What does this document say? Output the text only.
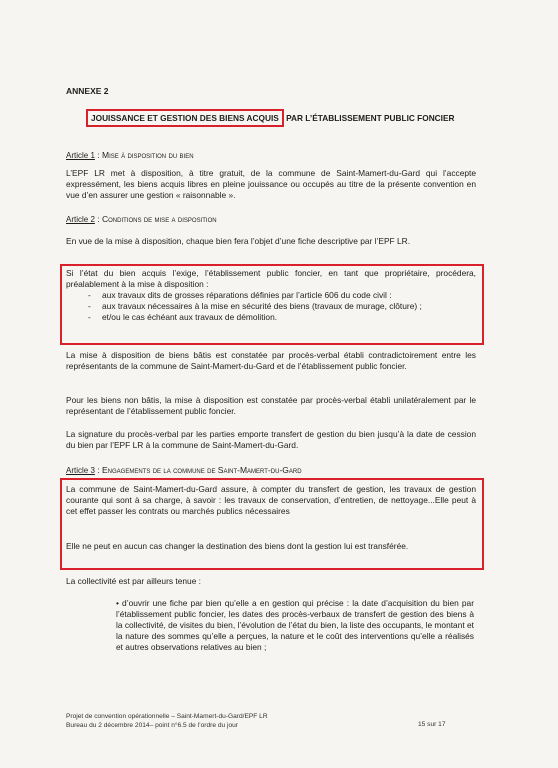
ANNEXE 2
JOUISSANCE ET GESTION DES BIENS ACQUIS PAR L’ÉTABLISSEMENT PUBLIC FONCIER
Article 1 : Mise à disposition du bien
L’EPF LR met à disposition, à titre gratuit, de la commune de Saint-Mamert-du-Gard qui l’accepte expressément, les biens acquis libres en pleine jouissance ou occupés au titre de la présente convention en vue d’en assurer une gestion « raisonnable ».
Article 2 : Conditions de mise a disposition
En vue de la mise à disposition, chaque bien fera l’objet d’une fiche descriptive par l’EPF LR.
Si l’état du bien acquis l’exige, l’établissement public foncier, en tant que propriétaire, procédera, préalablement à la mise à disposition :
- aux travaux dits de grosses réparations définies par l’article 606 du code civil :
- aux travaux nécessaires à la mise en sécurité des biens (travaux de murage, clôture) ;
- et/ou le cas échéant aux travaux de démolition.
La mise à disposition de biens bâtis est constatée par procès-verbal établi contradictoirement entre les représentants de la commune de Saint-Mamert-du-Gard et de l’établissement public foncier.
Pour les biens non bâtis, la mise à disposition est constatée par procès-verbal établi unilatéralement par le représentant de l’établissement public foncier.
La signature du procès-verbal par les parties emporte transfert de gestion du bien jusqu’à la date de cession du bien par l’EPF LR à la commune de Saint-Mamert-du-Gard.
Article 3 : Engagements de la commune de Saint-Mamert-du-Gard
La commune de Saint-Mamert-du-Gard assure, à compter du transfert de gestion, les travaux de gestion courante qui sont à sa charge, à savoir : les travaux de conservation, d’entretien, de nettoyage...Elle peut à cet effet passer les contrats ou marchés publics nécessaires
Elle ne peut en aucun cas changer la destination des biens dont la gestion lui est transférée.
La collectivité est par ailleurs tenue :
• d’ouvrir une fiche par bien qu’elle a en gestion qui précise : la date d’acquisition du bien par l’établissement public foncier, les dates des procès-verbaux de transfert de gestion des biens à la collectivité, de visites du bien, l’évolution de l’état du bien, la liste des occupants, le montant et la nature des sommes qu’elle a perçues, la nature et le coût des interventions qu’elle a réalisés et autres observations relatives au bien ;
Projet de convention opérationnelle – Saint-Mamert-du-Gard/EPF LR
Bureau du 2 décembre 2014– point n°6.5 de l’ordre du jour	15 sur 17
